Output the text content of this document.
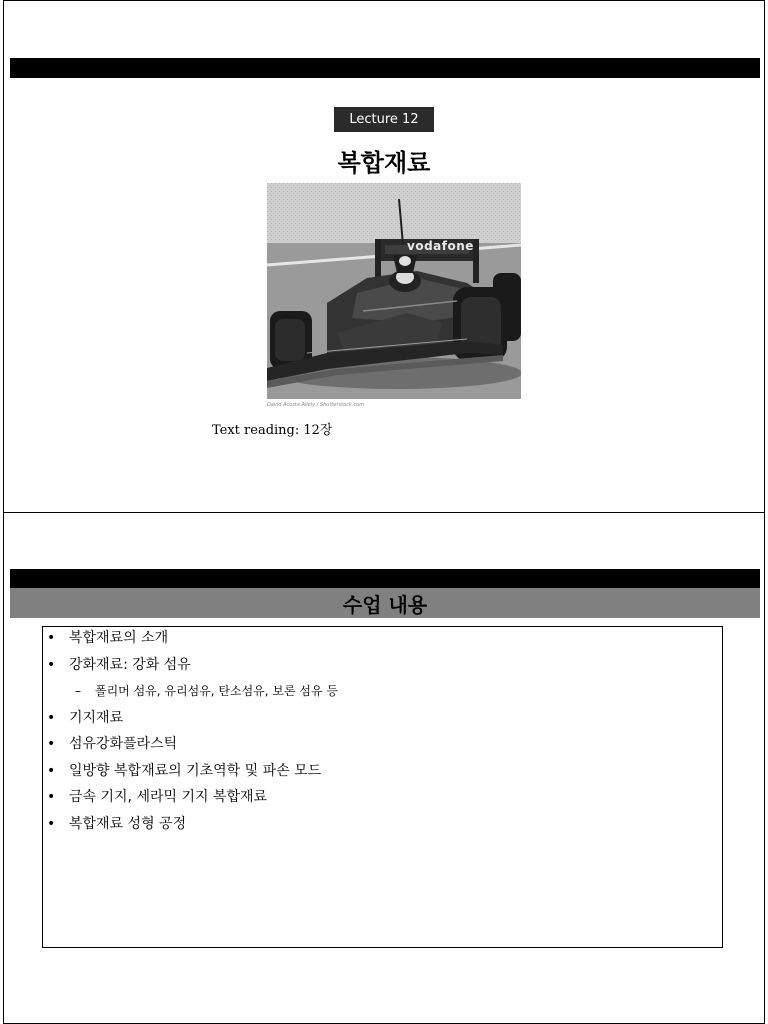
Lecture 12
복합재료
vodafone
David Acosta Allely / Shutterstock.com
Text reading: 12장
수업 내용
• 복합재료의 소개
• 강화재료: 강화 섬유
– 폴리머 섬유, 유리섬유, 탄소섬유, 보론 섬유 등
• 기지재료
• 섬유강화플라스틱
• 일방향 복합재료의 기초역학 및 파손 모드
• 금속 기지, 세라믹 기지 복합재료
• 복합재료 성형 공정
